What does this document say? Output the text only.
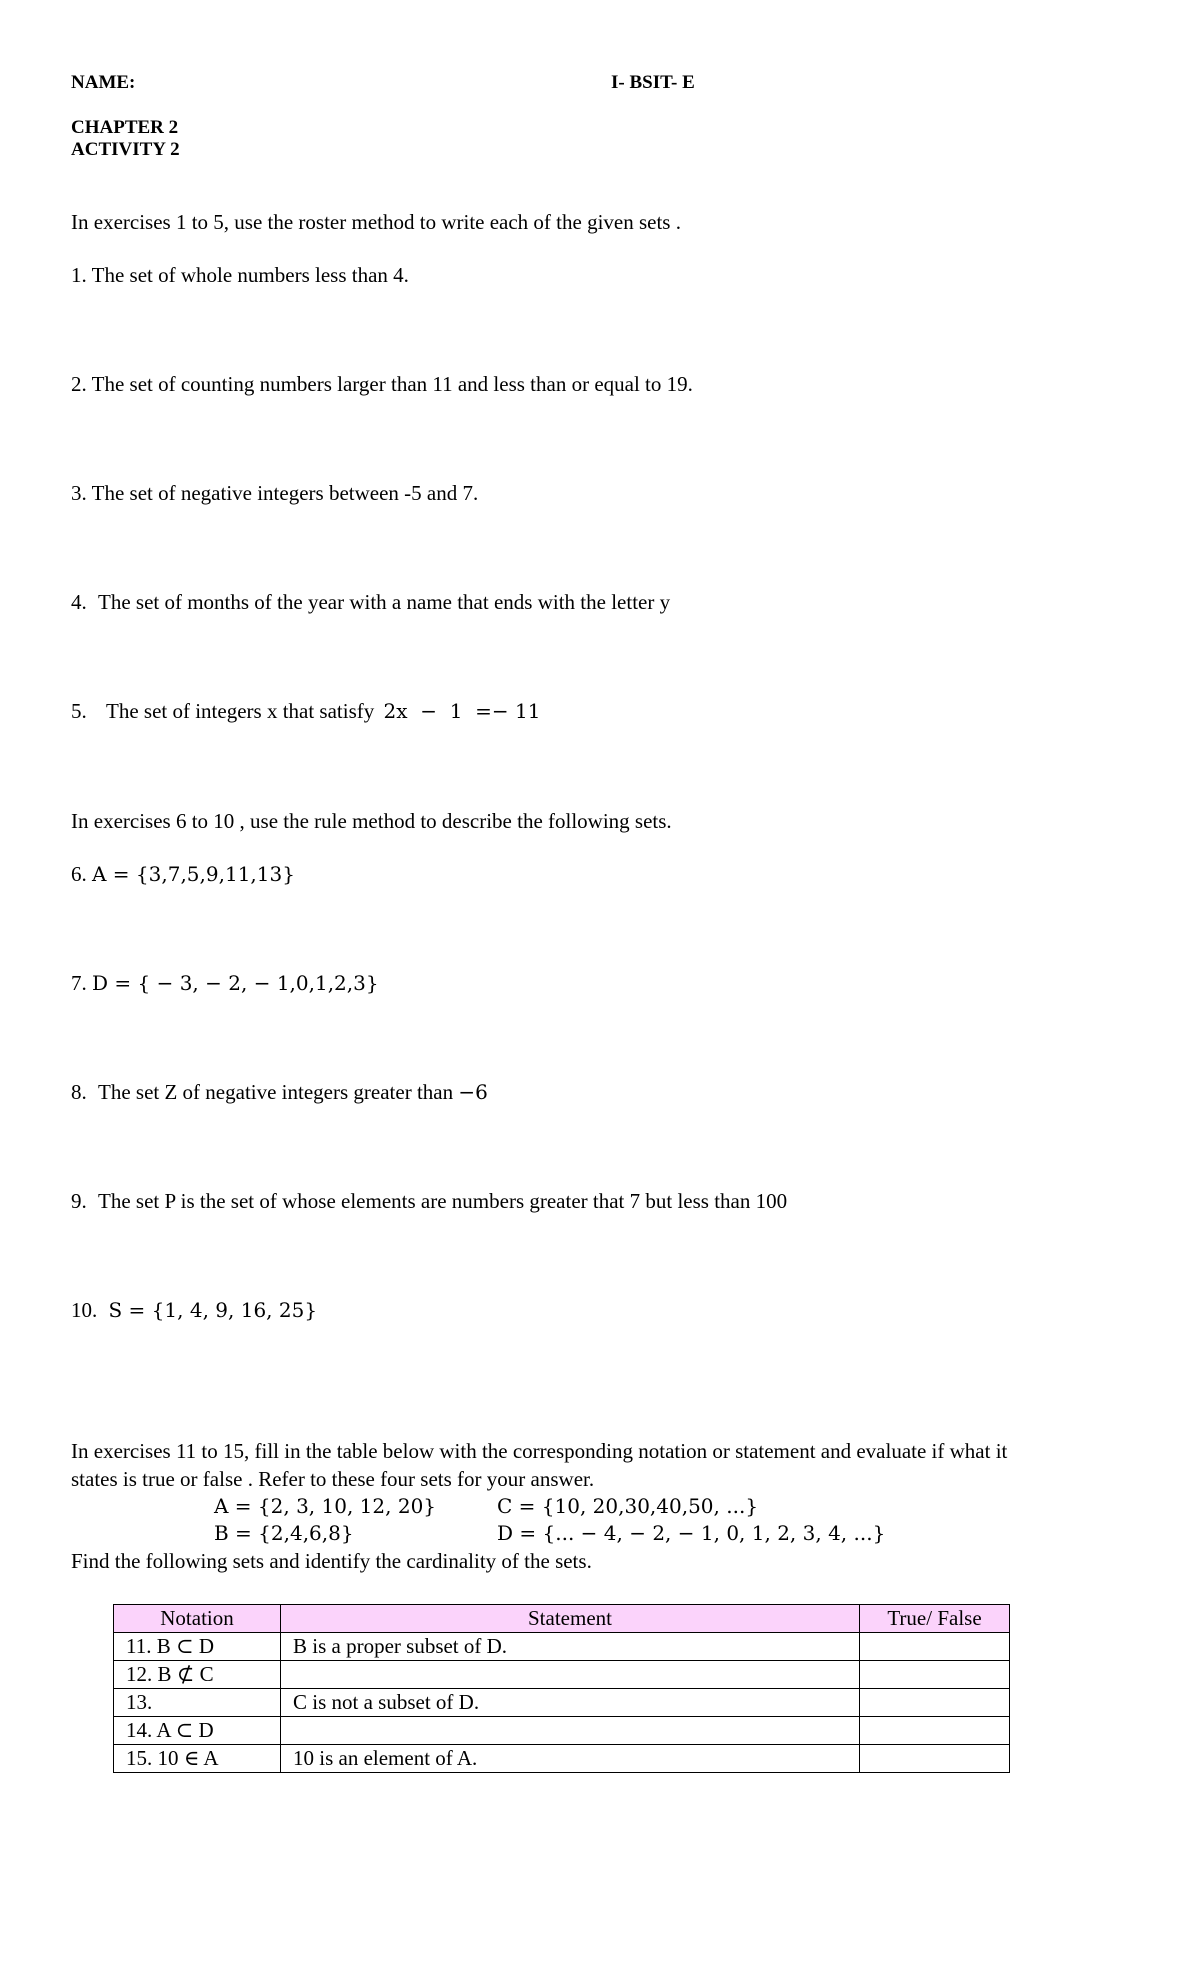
NAME:	I- BSIT- E
CHAPTER 2
ACTIVITY 2
In exercises 1 to 5, use the roster method to write each of the given sets .
1. The set of whole numbers less than 4.
2. The set of counting numbers larger than 11 and less than or equal to 19.
3. The set of negative integers between -5 and 7.
4. The set of months of the year with a name that ends with the letter y
5. The set of integers x that satisfy 2x  −  1  =− 11
In exercises 6 to 10 , use the rule method to describe the following sets.
6. A = {3,7,5,9,11,13}
7. D = { − 3, − 2, − 1,0,1,2,3}
8. The set Z of negative integers greater than −6
9. The set P is the set of whose elements are numbers greater that 7 but less than 100
10. S = {1, 4, 9, 16, 25}
In exercises 11 to 15, fill in the table below with the corresponding notation or statement and evaluate if what it
states is true or false . Refer to these four sets for your answer.
A = {2, 3, 10, 12, 20}	C = {10, 20,30,40,50, ...}
B = {2,4,6,8}	D = {... − 4, − 2, − 1, 0, 1, 2, 3, 4, ...}
Find the following sets and identify the cardinality of the sets.
Notation	Statement	True/ False
11. B ⊂ D	B is a proper subset of D.	
12. B ⊄ C		
13.	C is not a subset of D.	
14. A ⊂ D		
15. 10 ∈ A	10 is an element of A.	
